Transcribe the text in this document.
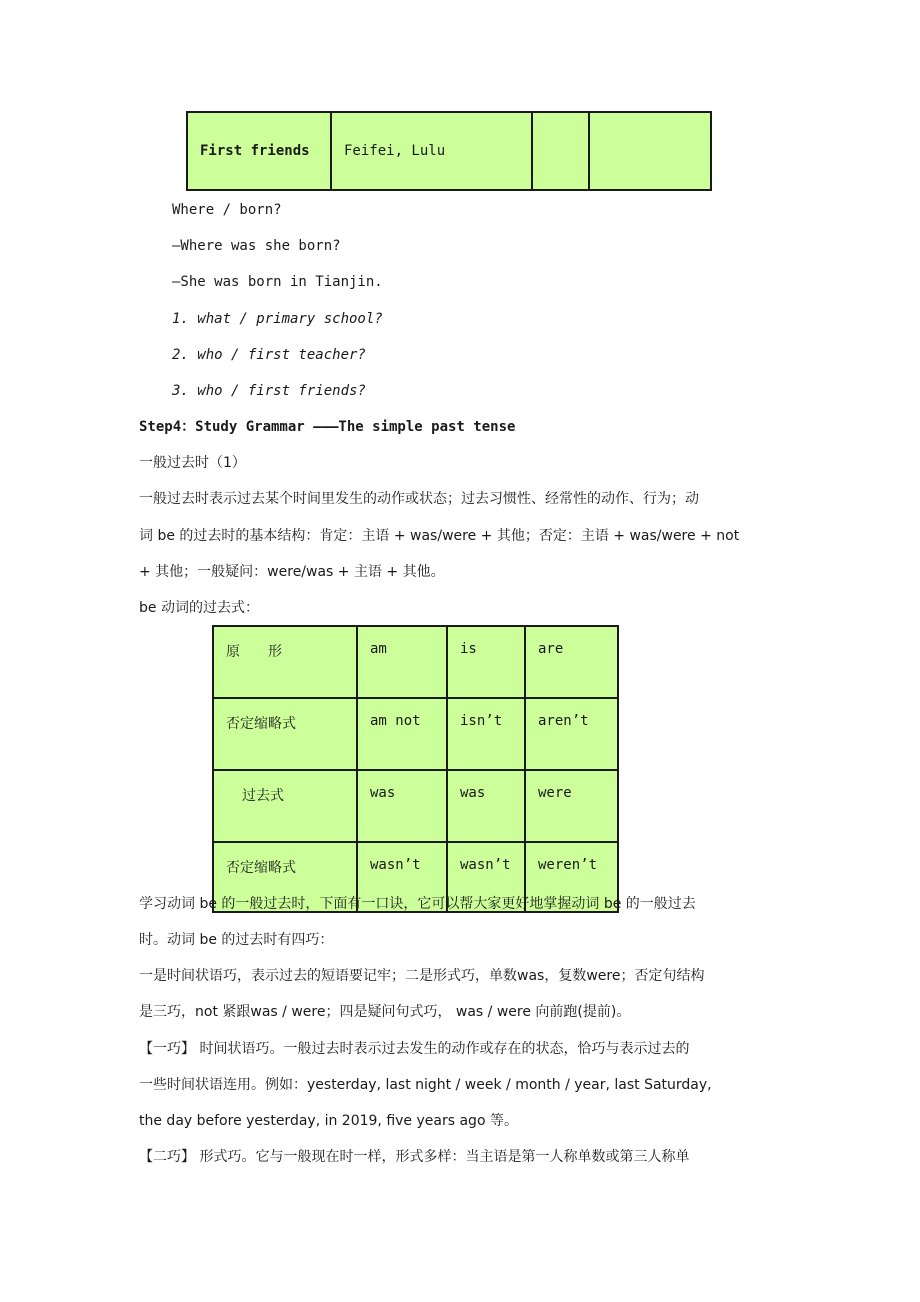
First friends	Feifei, Lulu		
Where / born?
—Where was she born?
—She was born in Tianjin.
1. what / primary school?
2. who / first teacher?
3. who / first friends?
Step4：Study Grammar ———The simple past tense
一般过去时（1）
一般过去时表示过去某个时间里发生的动作或状态；过去习惯性、经常性的动作、行为；动
词 be 的过去时的基本结构：肯定：主语 + was/were + 其他；否定：主语 + was/were + not
+ 其他；一般疑问：were/was + 主语 + 其他。
be 动词的过去式：
原　　形	am	is	are
否定缩略式	am not	isn’t	aren’t
过去式	was	was	were
否定缩略式	wasn’t	wasn’t	weren’t
学习动词 be 的一般过去时，下面有一口诀，它可以帮大家更好地掌握动词 be 的一般过去
时。动词 be 的过去时有四巧：
一是时间状语巧，表示过去的短语要记牢；二是形式巧，单数was，复数were；否定句结构
是三巧，not 紧跟was / were；四是疑问句式巧， was / were 向前跑(提前)。
【一巧】 时间状语巧。一般过去时表示过去发生的动作或存在的状态，恰巧与表示过去的
一些时间状语连用。例如：yesterday, last night / week / month / year, last Saturday,
the day before yesterday, in 2019, five years ago 等。
【二巧】 形式巧。它与一般现在时一样，形式多样：当主语是第一人称单数或第三人称单
